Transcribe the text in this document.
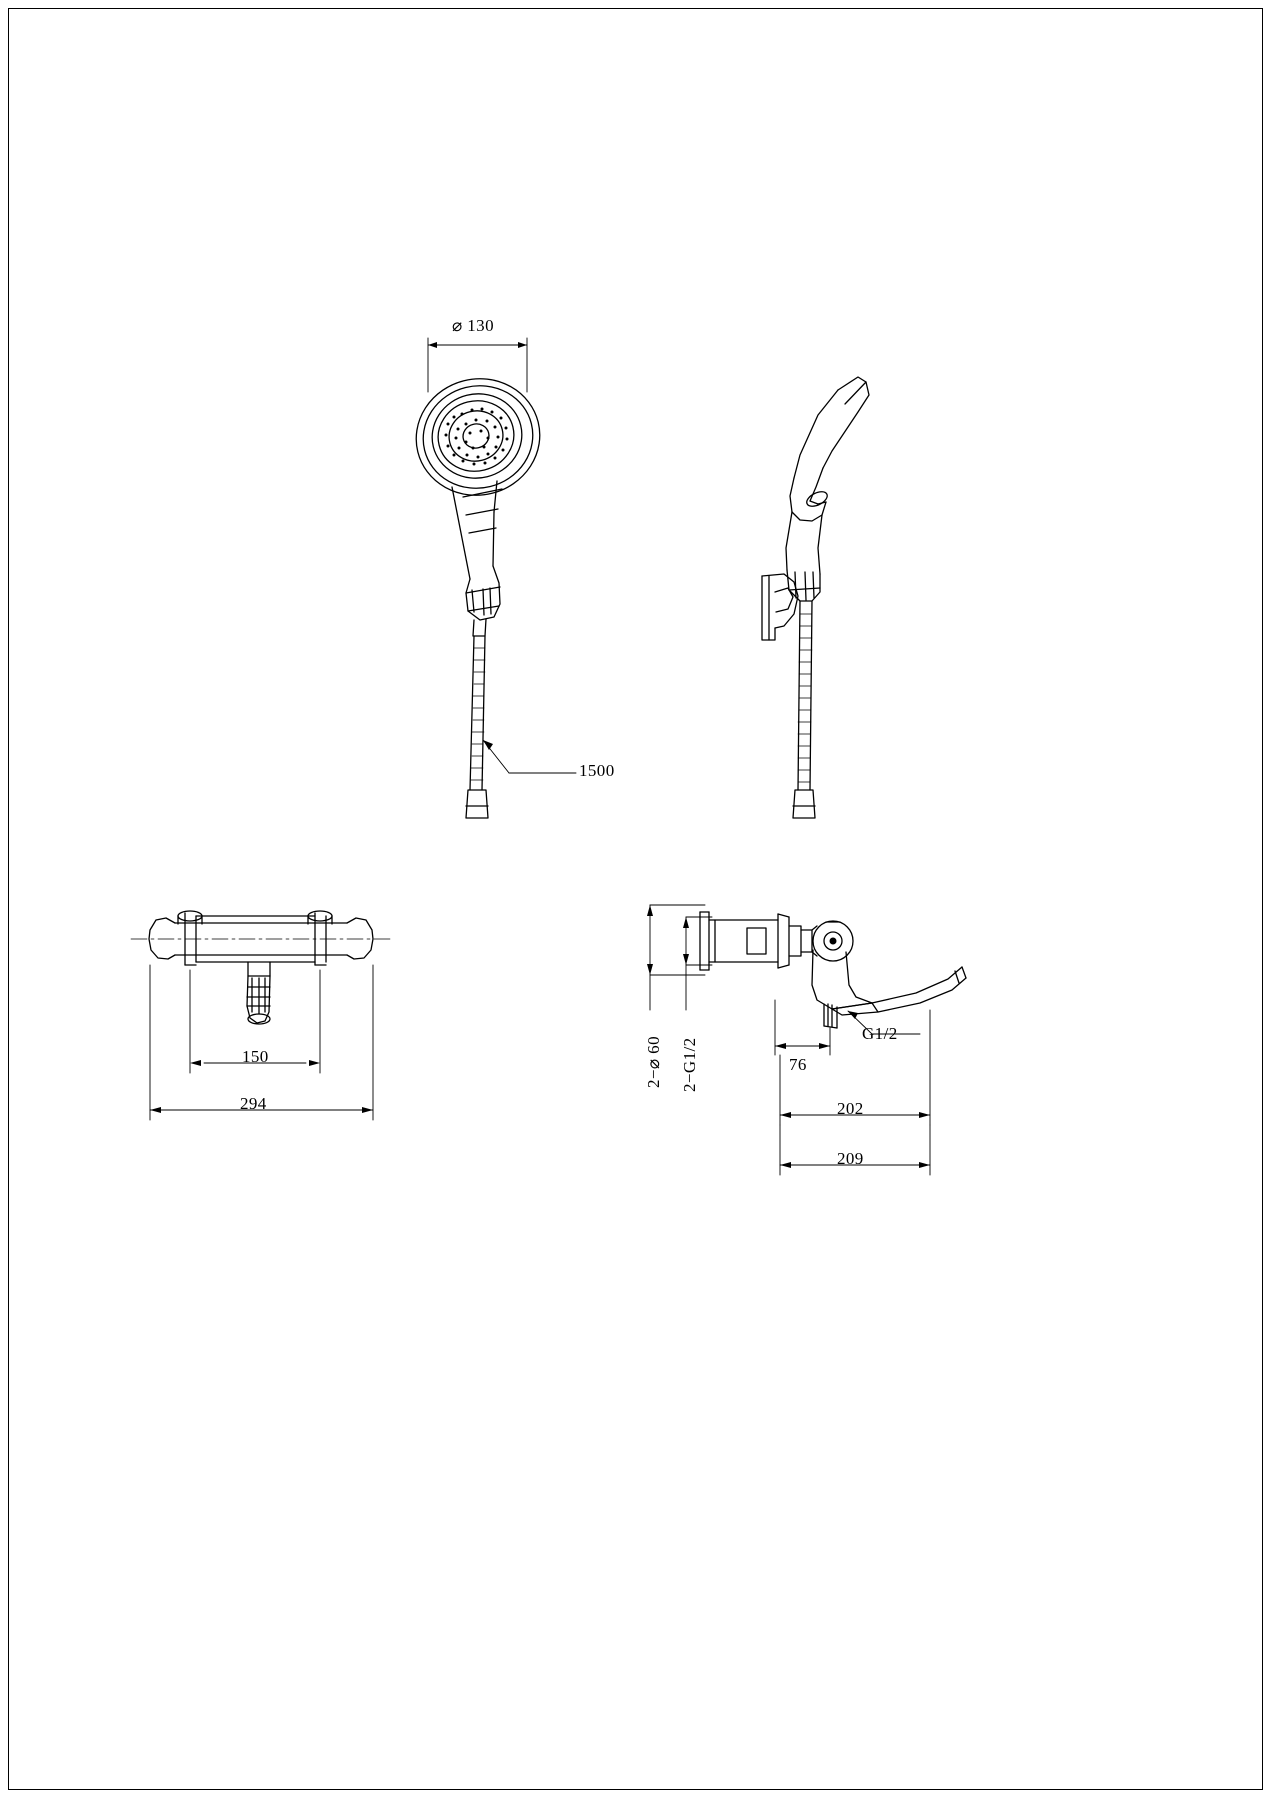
⌀ 130
1500
150
294
2−⌀ 60 2−G1/2
G1/2
76
202
209
